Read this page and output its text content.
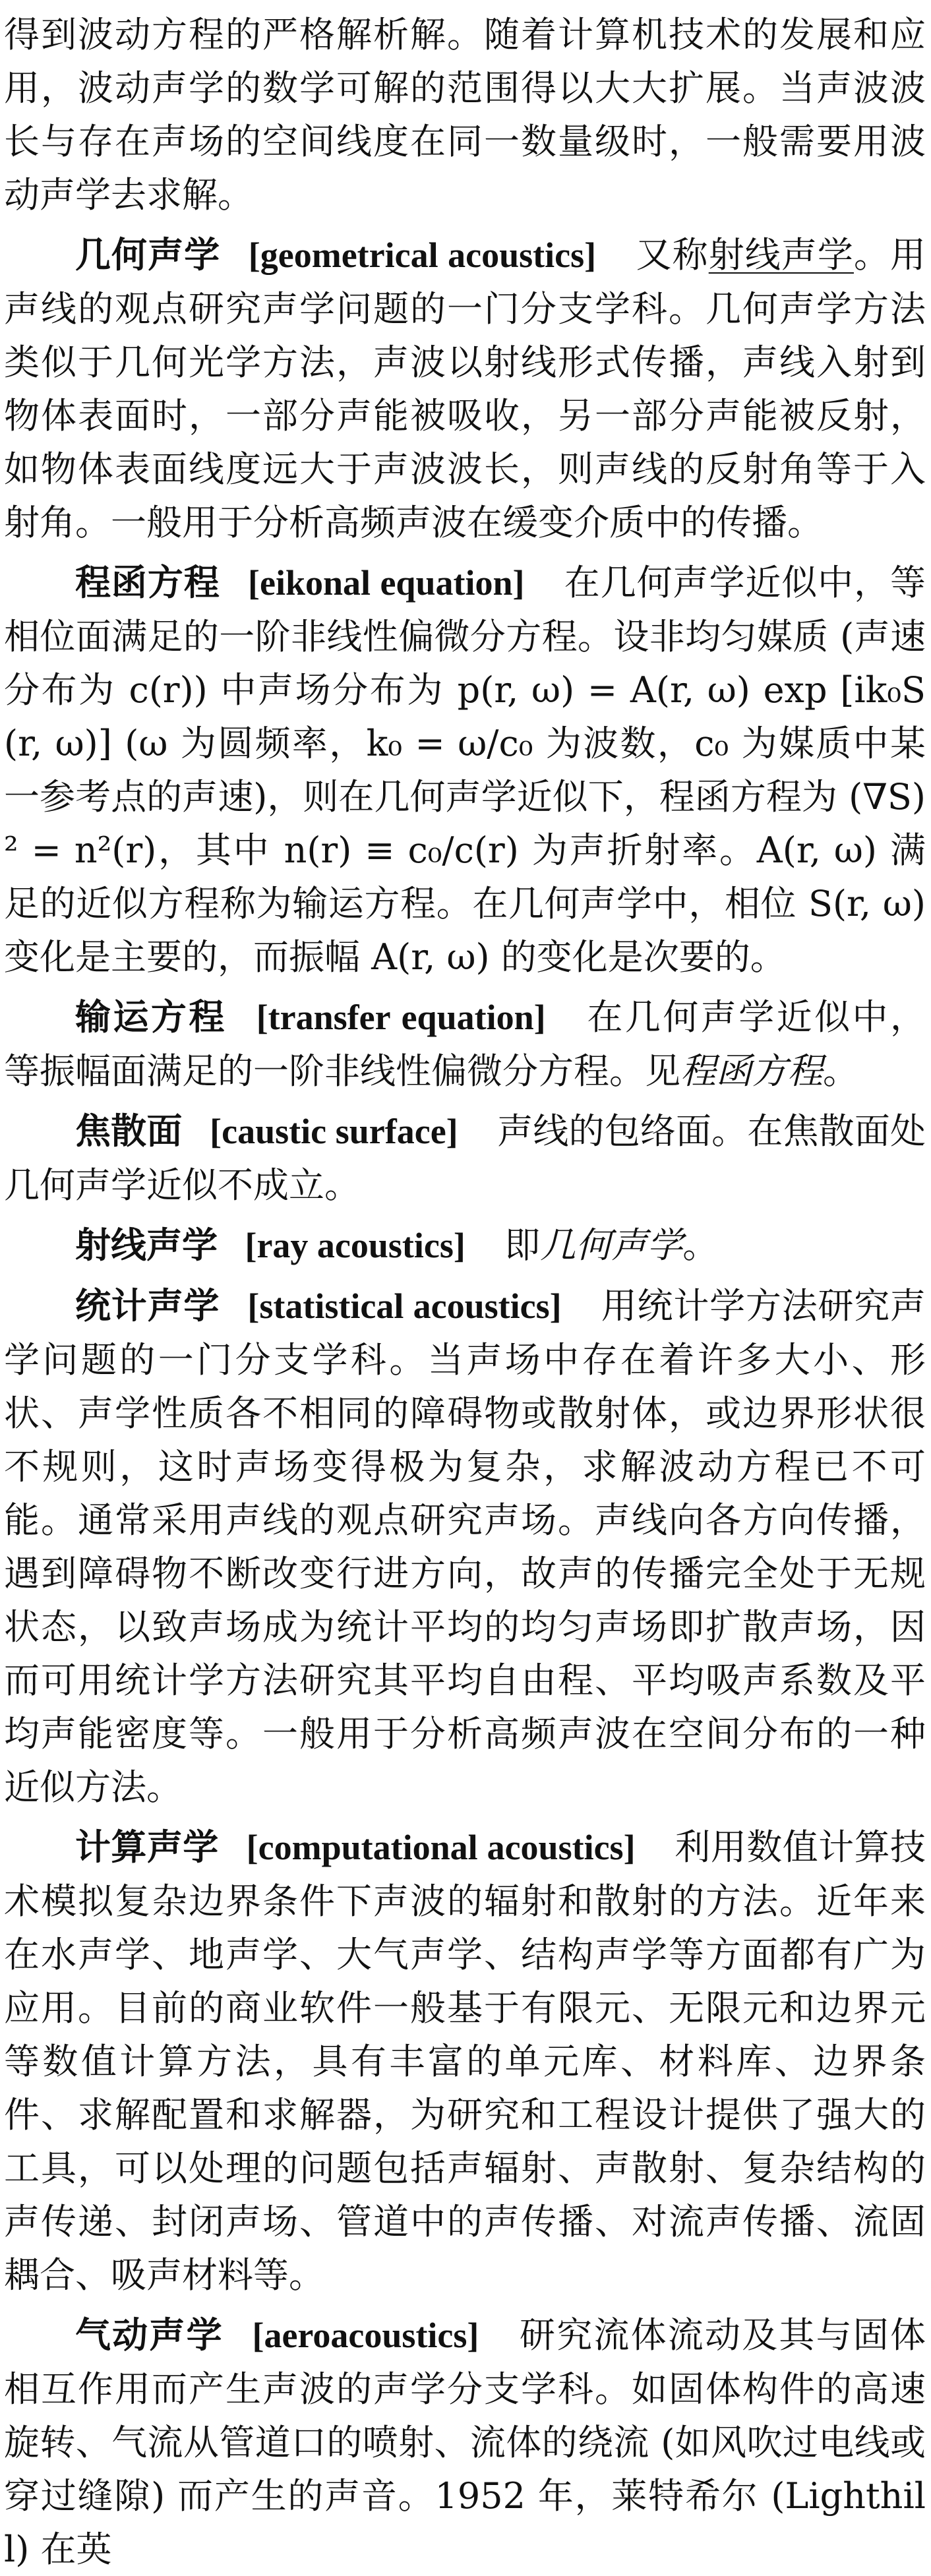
得到波动方程的严格解析解。随着计算机技术的发展和应用，波动声学的数学可解的范围得以大大扩展。当声波波长与存在声场的空间线度在同一数量级时，一般需要用波动声学去求解。

几何声学 [geometrical acoustics] 又称射线声学。用声线的观点研究声学问题的一门分支学科。几何声学方法类似于几何光学方法，声波以射线形式传播，声线入射到物体表面时，一部分声能被吸收，另一部分声能被反射，如物体表面线度远大于声波波长，则声线的反射角等于入射角。一般用于分析高频声波在缓变介质中的传播。

程函方程 [eikonal equation] 在几何声学近似中，等相位面满足的一阶非线性偏微分方程。设非均匀媒质 (声速分布为 c(r)) 中声场分布为 p(r, ω) = A(r, ω) exp [ik₀S(r, ω)] (ω 为圆频率，k₀ = ω/c₀ 为波数，c₀ 为媒质中某一参考点的声速)，则在几何声学近似下，程函方程为 (∇S)² = n²(r)，其中 n(r) ≡ c₀/c(r) 为声折射率。A(r, ω) 满足的近似方程称为输运方程。在几何声学中，相位 S(r, ω) 变化是主要的，而振幅 A(r, ω) 的变化是次要的。

输运方程 [transfer equation] 在几何声学近似中，等振幅面满足的一阶非线性偏微分方程。见程函方程。

焦散面 [caustic surface] 声线的包络面。在焦散面处几何声学近似不成立。

射线声学 [ray acoustics] 即几何声学。

统计声学 [statistical acoustics] 用统计学方法研究声学问题的一门分支学科。当声场中存在着许多大小、形状、声学性质各不相同的障碍物或散射体，或边界形状很不规则，这时声场变得极为复杂，求解波动方程已不可能。通常采用声线的观点研究声场。声线向各方向传播，遇到障碍物不断改变行进方向，故声的传播完全处于无规状态，以致声场成为统计平均的均匀声场即扩散声场，因而可用统计学方法研究其平均自由程、平均吸声系数及平均声能密度等。一般用于分析高频声波在空间分布的一种近似方法。

计算声学 [computational acoustics] 利用数值计算技术模拟复杂边界条件下声波的辐射和散射的方法。近年来在水声学、地声学、大气声学、结构声学等方面都有广为应用。目前的商业软件一般基于有限元、无限元和边界元等数值计算方法，具有丰富的单元库、材料库、边界条件、求解配置和求解器，为研究和工程设计提供了强大的工具，可以处理的问题包括声辐射、声散射、复杂结构的声传递、封闭声场、管道中的声传播、对流声传播、流固耦合、吸声材料等。

气动声学 [aeroacoustics] 研究流体流动及其与固体相互作用而产生声波的声学分支学科。如固体构件的高速旋转、气流从管道口的喷射、流体的绕流 (如风吹过电线或穿过缝隙) 而产生的声音。1952 年，莱特希尔 (Lighthill) 在英
